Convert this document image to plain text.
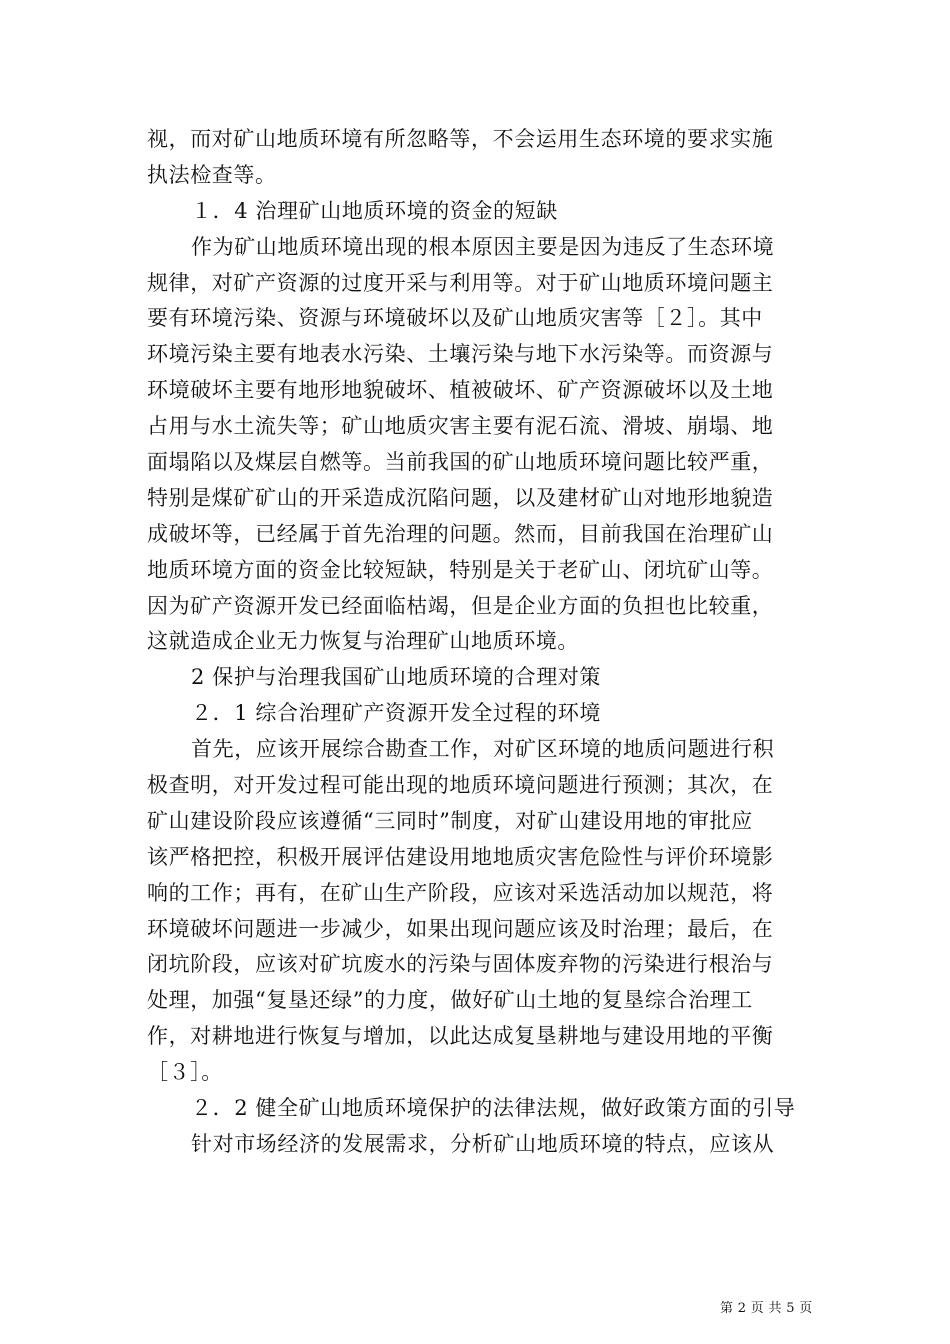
视，而对矿山地质环境有所忽略等，不会运用生态环境的要求实施
执法检查等。
１．4 治理矿山地质环境的资金的短缺
作为矿山地质环境出现的根本原因主要是因为违反了生态环境
规律，对矿产资源的过度开采与利用等。对于矿山地质环境问题主
要有环境污染、资源与环境破坏以及矿山地质灾害等［２］。其中
环境污染主要有地表水污染、土壤污染与地下水污染等。而资源与
环境破坏主要有地形地貌破坏、植被破坏、矿产资源破坏以及土地
占用与水土流失等；矿山地质灾害主要有泥石流、滑坡、崩塌、地
面塌陷以及煤层自燃等。当前我国的矿山地质环境问题比较严重，
特别是煤矿矿山的开采造成沉陷问题，以及建材矿山对地形地貌造
成破坏等，已经属于首先治理的问题。然而，目前我国在治理矿山
地质环境方面的资金比较短缺，特别是关于老矿山、闭坑矿山等。
因为矿产资源开发已经面临枯竭，但是企业方面的负担也比较重，
这就造成企业无力恢复与治理矿山地质环境。
2 保护与治理我国矿山地质环境的合理对策
２．1 综合治理矿产资源开发全过程的环境
首先，应该开展综合勘查工作，对矿区环境的地质问题进行积
极查明，对开发过程可能出现的地质环境问题进行预测；其次，在
矿山建设阶段应该遵循“三同时”制度，对矿山建设用地的审批应
该严格把控，积极开展评估建设用地地质灾害危险性与评价环境影
响的工作；再有，在矿山生产阶段，应该对采选活动加以规范，将
环境破坏问题进一步减少，如果出现问题应该及时治理；最后，在
闭坑阶段，应该对矿坑废水的污染与固体废弃物的污染进行根治与
处理，加强“复垦还绿”的力度，做好矿山土地的复垦综合治理工
作，对耕地进行恢复与增加，以此达成复垦耕地与建设用地的平衡
［３］。
２．2 健全矿山地质环境保护的法律法规，做好政策方面的引导
针对市场经济的发展需求，分析矿山地质环境的特点，应该从
第 2 页 共 5 页
